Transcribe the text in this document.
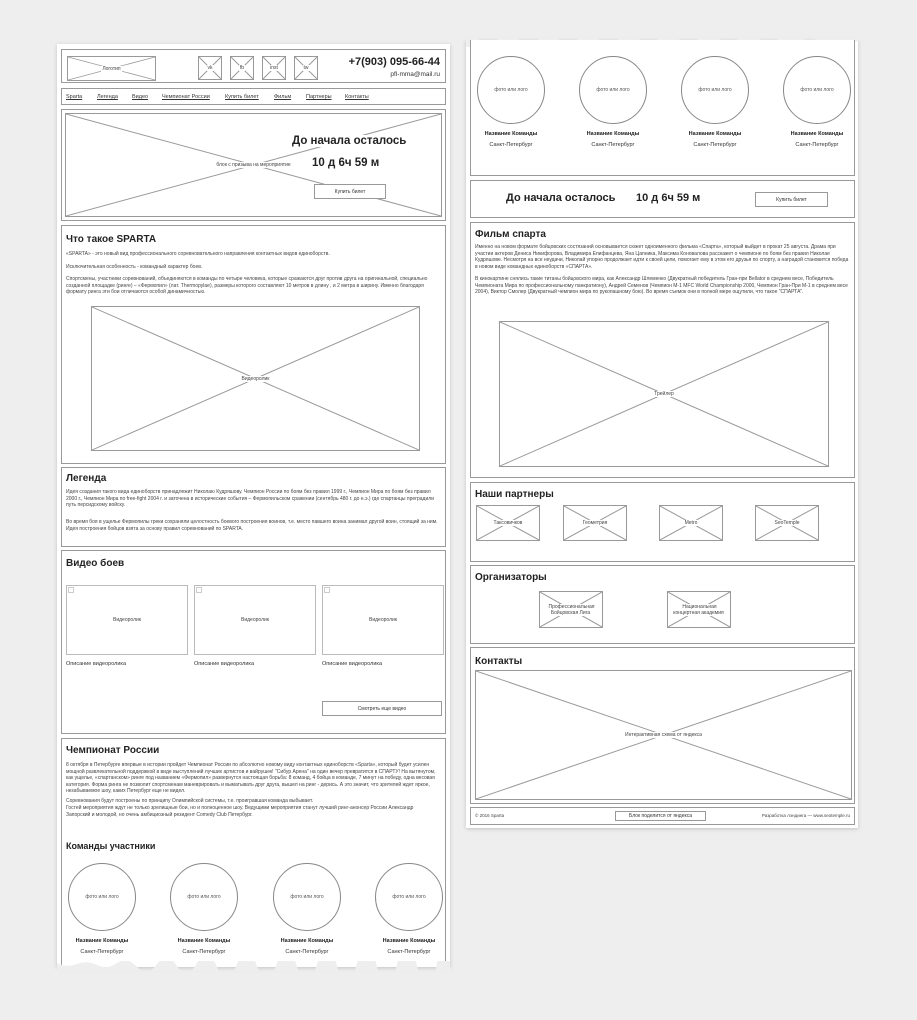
Логотип	vk	fb	inst	tw	+7(903) 095-66-44
pfl-mma@mail.ru
Sparta	Легенда	Видео	Чемпионат России	Купить билет	Фильм	Партнеры Контакты
блок с призыва на мероприятие
До начала осталось
10 д 6ч 59 м
Купить билет
Что такое SPARTA

«SPARTA» - это новый вид профессионального соревновательного направления контактных видов единоборств.

Исключительная особенность - командный характер боев.

Спортсмены, участники соревнований, объединяются в команды по четыре человека, которые сражаются друг против друга на оригинальной, специально созданной площадке (ринге) – «Фермопил» (лат. Thermopylae), размеры которого составляют 10 метров в длину , и 2 метра в ширину. Именно благодаря формату ринга эти бои отличаются особой динамичностью.

Видеоролик
Легенда

Идея создания такого вида единоборств принадлежит Николаю Кудряшову. Чемпион России по боям без правил 1999 г., Чемпион Мира по боям без правил 2000 г., Чемпион Мира по free-fight 2004 г. и заточена в исторические события – Фермопильском сражении (сентябрь 480 г. до н.э.) где спартанцы преградили путь персидскому войску.

Во время боя в ущелье Фермопилы греки сохраняли целостность боевого построения воинов, т.е. место павшего воина занимал другой воин, стоящий за ним. Идея построения бойцов взята за основу правил соревнований по SPARTA.

Видео боев
Видеоролик	Видеоролик	Видеоролик
Описание видеоролика	Описание видеоролика	Описание видеоролика
Смотреть еще видео
Чемпионат России

8 октября в Петербурге впервые в истории пройдет Чемпионат России по абсолютно новому виду контактных единоборств «Sparta», который будет усилен мощной развлекательной поддержкой в виде выступлений лучших артистов и вайрушек! "Сибур Арена" на один вечер превратится в СПАРТУ! На вытянутом, как ущелье, «спартанском» ринге под названием «Фермопил» развернутся настоящая борьба: 8 команд, 4 бойца в команде, 7 минут на победу, одна весовая категория. Форма ринга не позволит спортсменам маневрировать и выматывать друг друга, вышел на ринг - дерись. А это значит, что зрителей ждет яркое, незабываемое шоу, каких Петербург еще не видел.

Соревнования будут построены по принципу Олимпийской системы, т.е. проигравшая команда выбывает.

Гостей мероприятия ждут не только зрелищные бои, но и полноценное шоу. Ведущими мероприятия станут лучший ринг-анонсер России Александр Запорский и молодой, но очень амбициозный резидент Comedy Club Петербург.

Команды участники
фото или лого	фото или лого	фото или лого	фото или лого
Название Команды	Название Команды	Название Команды	Название Команды
Санкт-Петербург	Санкт-Петербург	Санкт-Петербург	Санкт-Петербург
фото или лого	фото или лого	фото или лого	фото или лого
Название Команды	Название Команды	Название Команды	Название Команды
Санкт-Петербург	Санкт-Петербург	Санкт-Петербург	Санкт-Петербург
До начала осталось 10 д 6ч 59 м	Купить билет
Фильм спарта

Именно на новом формате бойцовских состязаний основывается сюжет одноименного фильма «Спарта», который выйдет в прокат 25 августа. Драма при участии актеров Дениса Никифорова, Владимира Епифанцева, Яна Цапника, Максима Коновалова расскажет о чемпионе по боям без правил Николае Кудряшове. Несмотря на все неудачи, Николай упорно продолжает идти к своей цели, помогает ему в этом его друзья по спорту, а наградой становится победа в новом виде командных единоборств «СПАРТА».

В кинокартине снялись такие титаны бойцовского мира, как Александр Шлеменко (Двукратный победитель Гран-при Bellator в среднем весе, Победитель Чемпионата Мира по профессиональному панкратиону), Андрей Семенов (Чемпион М-1 MFC World Championship 2000, Чемпион Гран-При М-1 в среднем весе 2004), Виктор Смолер (Двукратный чемпион мира по рукопашному бою). Во время съемок они в полной мере ощутили, что такое "СПАРТА".

Трейлер
Наши партнеры
Таксовичков	Геометрия	Metro	SeoTemple
Организаторы
Профессиональная Бойцовская Лига
Национальная концертная академия
Контакты
Интерактивная схема от яндекса
© 2016 Sparta	Блок поделится от яндекса	Разработка лэндинга — www.seotemple.ru
